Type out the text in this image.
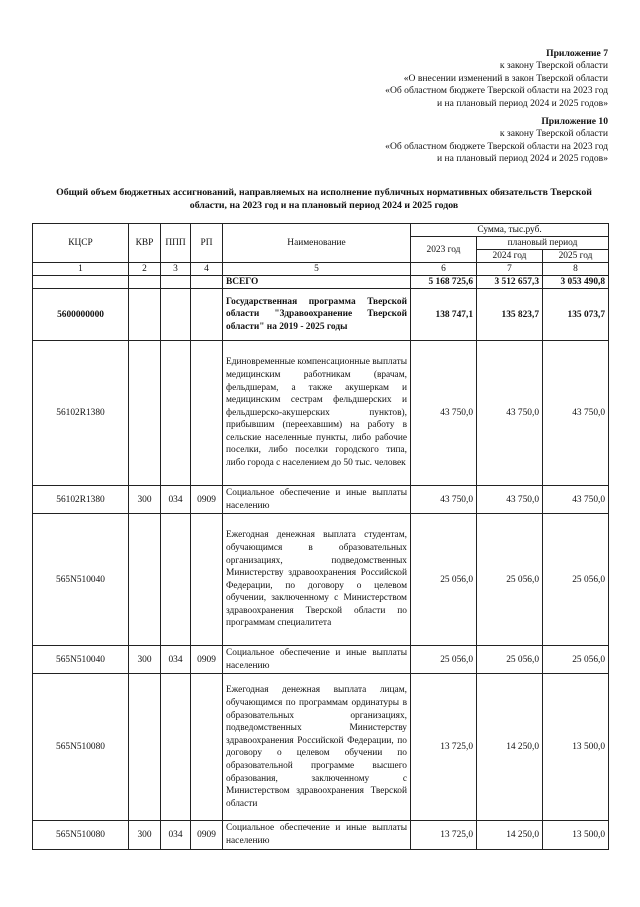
Приложение 7
к закону Тверской области
«О внесении изменений в закон Тверской области
«Об областном бюджете Тверской области на 2023 год
и на плановый период 2024 и 2025 годов»
Приложение 10
к закону Тверской области
«Об областном бюджете Тверской области на 2023 год
и на плановый период 2024 и 2025 годов»
Общий объем бюджетных ассигнований, направляемых на исполнение публичных нормативных обязательств Тверской
области, на 2023 год и на плановый период 2024 и 2025 годов
КЦСР	КВР	ППП	РП	Наименование	Сумма, тыс.руб.		
					2023 год	плановый период	
						2024 год	2025 год
1	2	3	4	5	6	7	8
				ВСЕГО	5 168 725,6	3 512 657,3	3 053 490,8
5600000000				Государственная программа Тверской области "Здравоохранение Тверской области" на 2019 - 2025 годы	138 747,1	135 823,7	135 073,7
56102R1380				Единовременные компенсационные выплаты медицинским работникам (врачам, фельдшерам, а также акушеркам и медицинским сестрам фельдшерских и фельдшерско-акушерских пунктов), прибывшим (переехавшим) на работу в сельские населенные пункты, либо рабочие поселки, либо поселки городского типа, либо города с населением до 50 тыс. человек	43 750,0	43 750,0	43 750,0
56102R1380	300	034	0909	Социальное обеспечение и иные выплаты населению	43 750,0	43 750,0	43 750,0
565N510040				Ежегодная денежная выплата студентам, обучающимся в образовательных организациях, подведомственных Министерству здравоохранения Российской Федерации, по договору о целевом обучении, заключенному с Министерством здравоохранения Тверской области по программам специалитета	25 056,0	25 056,0	25 056,0
565N510040	300	034	0909	Социальное обеспечение и иные выплаты населению	25 056,0	25 056,0	25 056,0
565N510080				Ежегодная денежная выплата лицам, обучающимся по программам ординатуры в образовательных организациях, подведомственных Министерству здравоохранения Российской Федерации, по договору о целевом обучении по образовательной программе высшего образования, заключенному с Министерством здравоохранения Тверской области	13 725,0	14 250,0	13 500,0
565N510080	300	034	0909	Социальное обеспечение и иные выплаты населению	13 725,0	14 250,0	13 500,0
